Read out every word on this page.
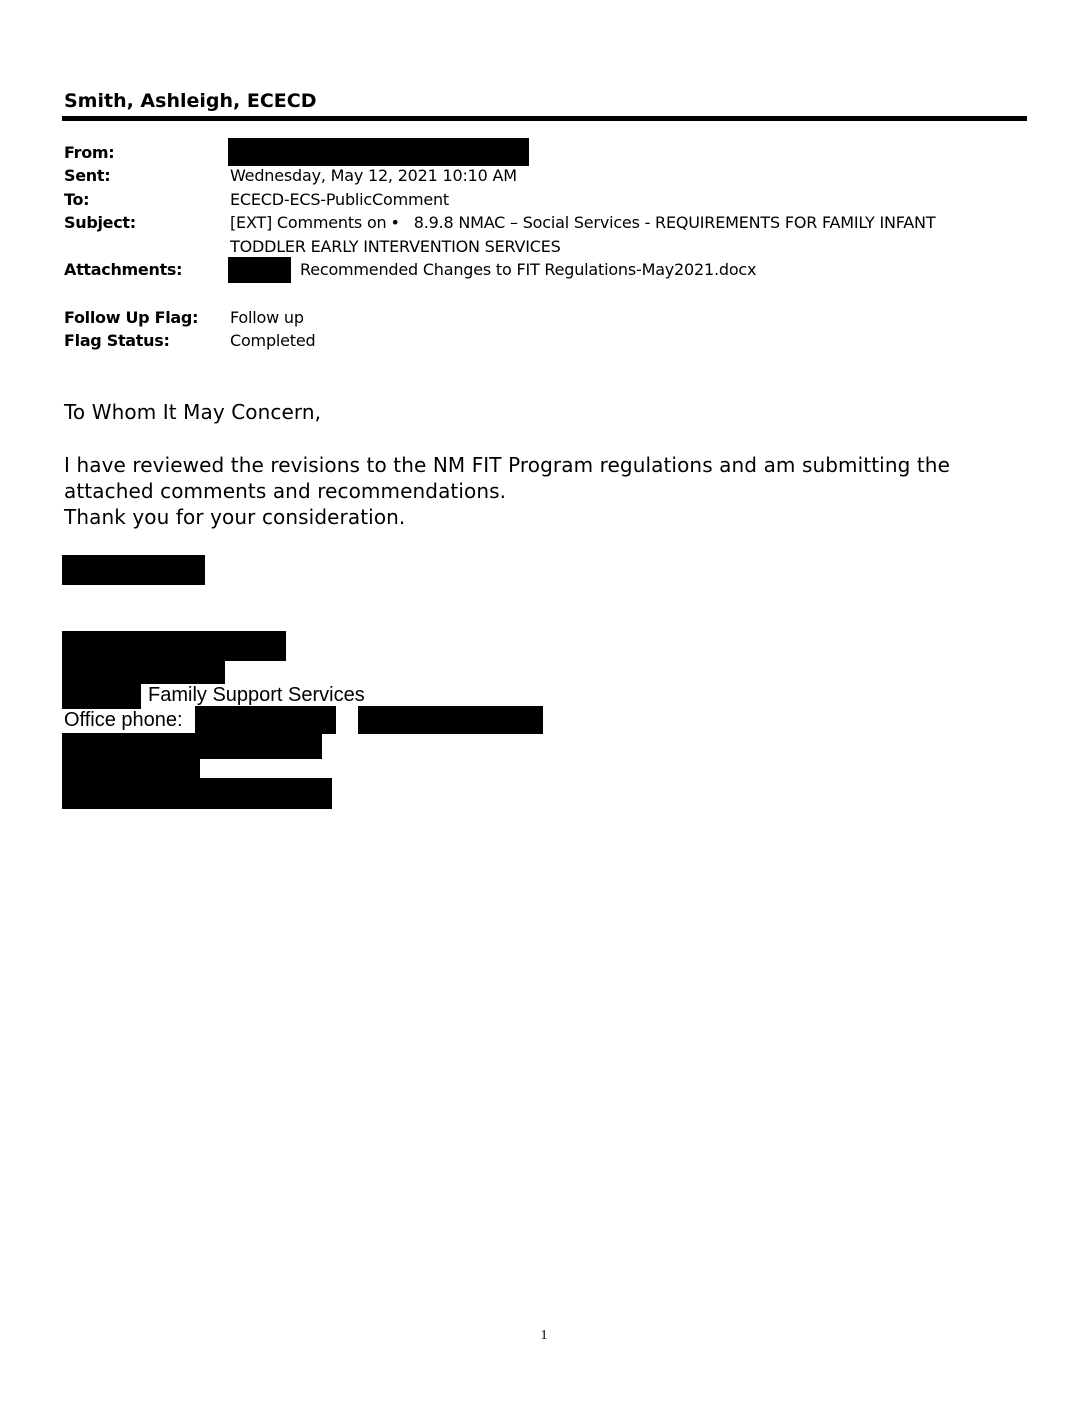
Smith, Ashleigh, ECECD
From:
Sent:	Wednesday, May 12, 2021 10:10 AM
To:	ECECD-ECS-PublicComment
Subject:	[EXT] Comments on • 8.9.8 NMAC – Social Services - REQUIREMENTS FOR FAMILY INFANT
TODDLER EARLY INTERVENTION SERVICES
Attachments:	Recommended Changes to FIT Regulations-May2021.docx
Follow Up Flag: Follow up
Flag Status:	Completed
To Whom It May Concern,
I have reviewed the revisions to the NM FIT Program regulations and am submitting the
attached comments and recommendations.
Thank you for your consideration.
Family Support Services
Office phone:
1
